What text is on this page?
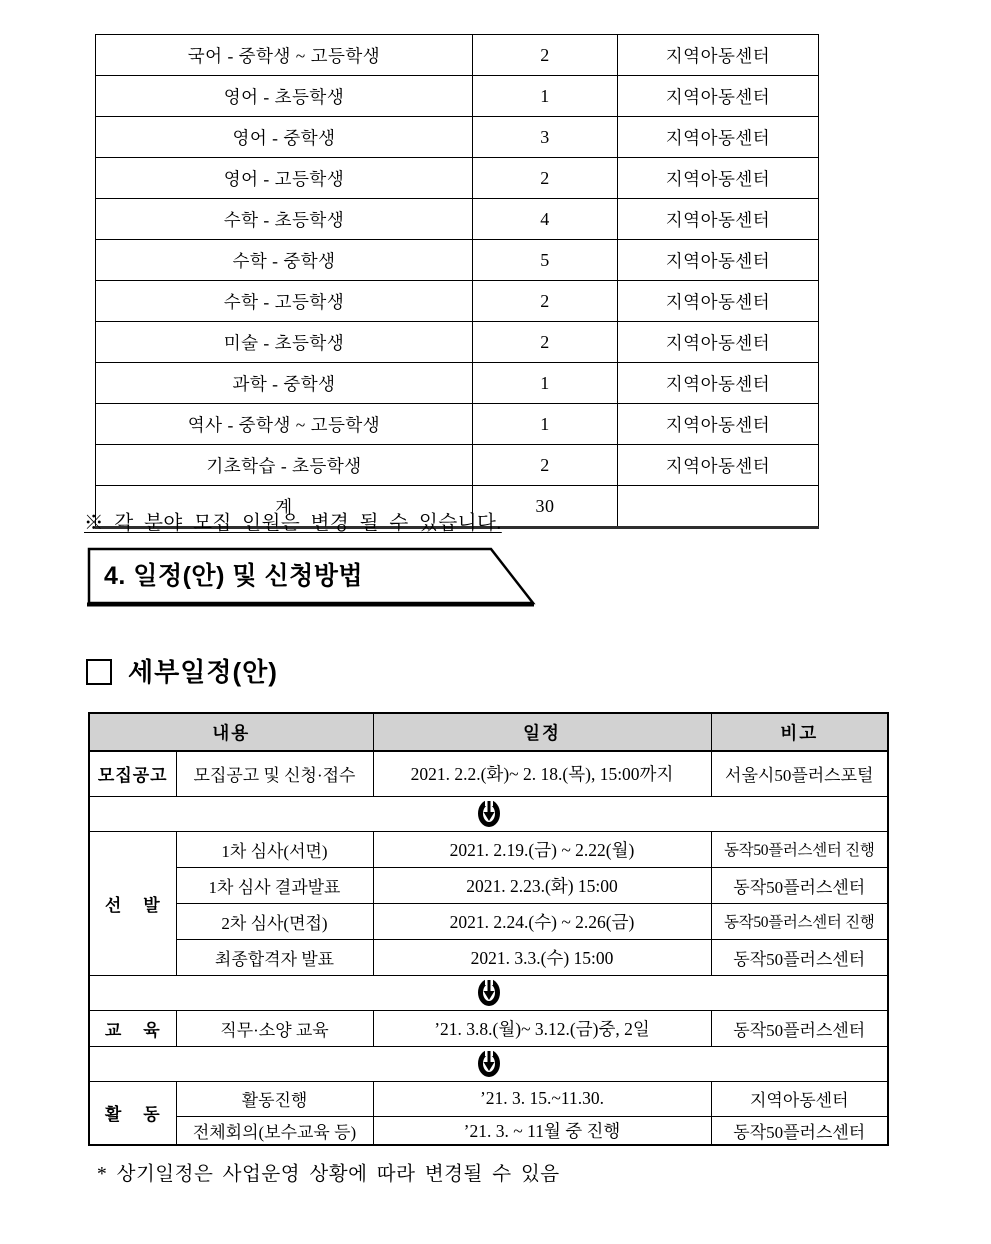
국어 - 중학생 ~ 고등학생	2	지역아동센터
영어 - 초등학생	1	지역아동센터
영어 - 중학생	3	지역아동센터
영어 - 고등학생	2	지역아동센터
수학 - 초등학생	4	지역아동센터
수학 - 중학생	5	지역아동센터
수학 - 고등학생	2	지역아동센터
미술 - 초등학생	2	지역아동센터
과학 - 중학생	1	지역아동센터
역사 - 중학생 ~ 고등학생	1	지역아동센터
기초학습 - 초등학생	2	지역아동센터
계	30	
※ 각 분야 모집 인원은 변경 될 수 있습니다.
4. 일정(안) 및 신청방법
세부일정(안)
내용		일정	비고
모집공고	모집공고 및 신청·접수	2021. 2.2.(화)~ 2. 18.(목), 15:00까지	서울시50플러스포털

선    발	1차 심사(서면)	2021. 2.19.(금) ~ 2.22(월)	동작50플러스센터 진행
	1차 심사 결과발표	2021. 2.23.(화) 15:00	동작50플러스센터
	2차 심사(면접)	2021. 2.24.(수) ~ 2.26(금)	동작50플러스센터 진행
	최종합격자 발표	2021. 3.3.(수) 15:00	동작50플러스센터

교    육	직무·소양 교육	’21. 3.8.(월)~ 3.12.(금)중, 2일	동작50플러스센터

활    동	활동진행	’21. 3. 15.~11.30.	지역아동센터
	전체회의(보수교육 등)	’21. 3. ~ 11월 중 진행	동작50플러스센터
* 상기일정은 사업운영 상황에 따라 변경될 수 있음
